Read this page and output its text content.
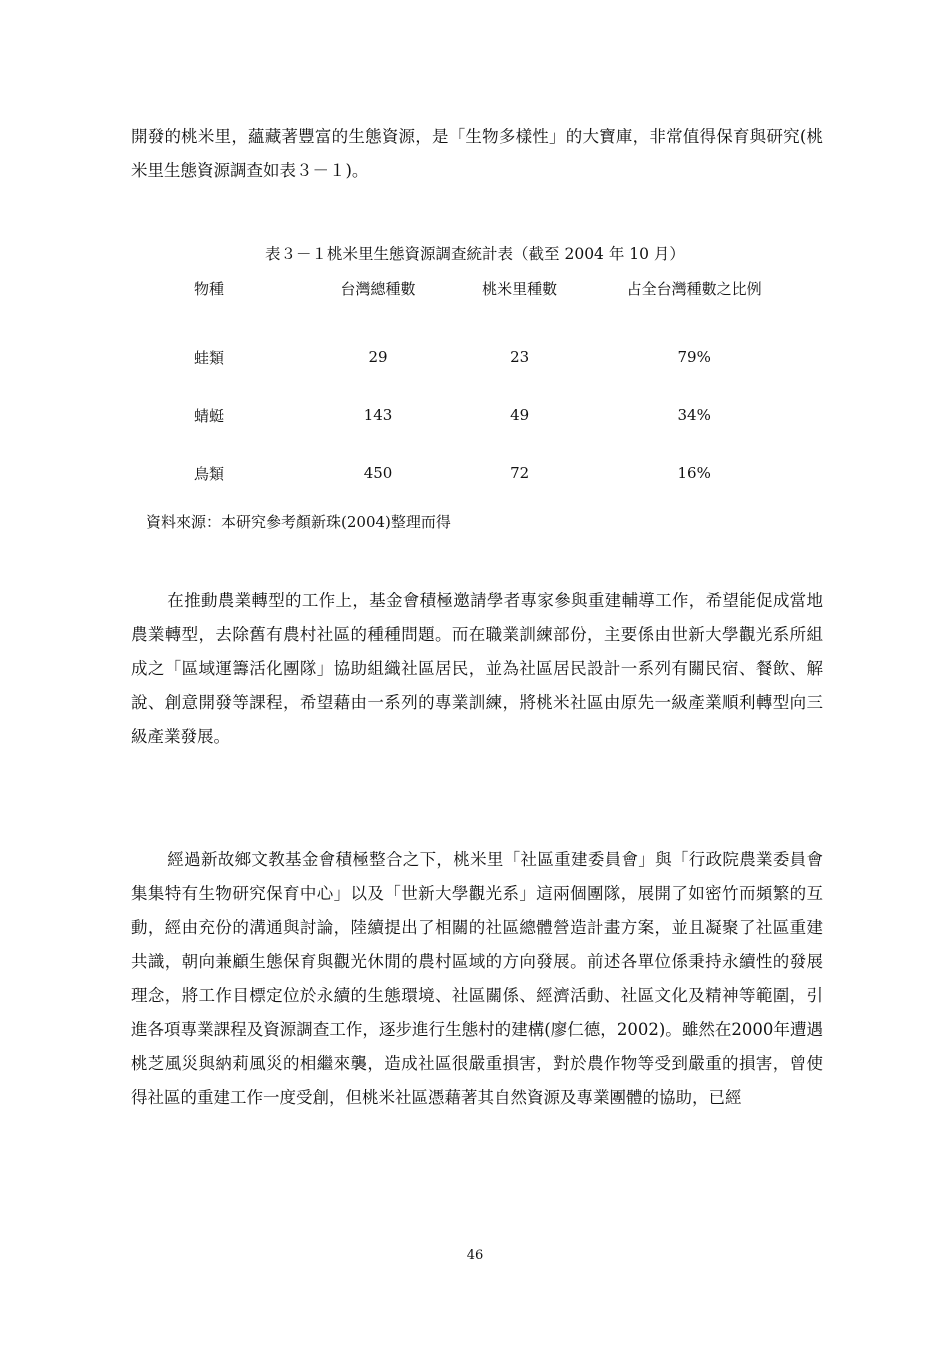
開發的桃米里，蘊藏著豐富的生態資源，是「生物多樣性」的大寶庫，非常值得保育與研究(桃米里生態資源調查如表３－１)。

表３－１桃米里生態資源調查統計表（截至 2004 年 10 月）
物種	台灣總種數	桃米里種數	占全台灣種數之比例
蛙類	29	23	79%
蜻蜓	143	49	34%
鳥類	450	72	16%
資料來源：本研究參考顏新珠(2004)整理而得

在推動農業轉型的工作上，基金會積極邀請學者專家參與重建輔導工作，希望能促成當地農業轉型，去除舊有農村社區的種種問題。而在職業訓練部份，主要係由世新大學觀光系所組成之「區域運籌活化團隊」協助組織社區居民，並為社區居民設計一系列有關民宿、餐飲、解說、創意開發等課程，希望藉由一系列的專業訓練，將桃米社區由原先一級產業順利轉型向三級產業發展。

經過新故鄉文教基金會積極整合之下，桃米里「社區重建委員會」與「行政院農業委員會集集特有生物研究保育中心」以及「世新大學觀光系」這兩個團隊，展開了如密竹而頻繁的互動，經由充份的溝通與討論，陸續提出了相關的社區總體營造計畫方案，並且凝聚了社區重建共識，朝向兼顧生態保育與觀光休閒的農村區域的方向發展。前述各單位係秉持永續性的發展理念，將工作目標定位於永續的生態環境、社區關係、經濟活動、社區文化及精神等範圍，引進各項專業課程及資源調查工作，逐步進行生態村的建構(廖仁德，2002)。雖然在2000年遭遇桃芝風災與納莉風災的相繼來襲，造成社區很嚴重損害，對於農作物等受到嚴重的損害，曾使得社區的重建工作一度受創，但桃米社區憑藉著其自然資源及專業團體的協助，已經

46
